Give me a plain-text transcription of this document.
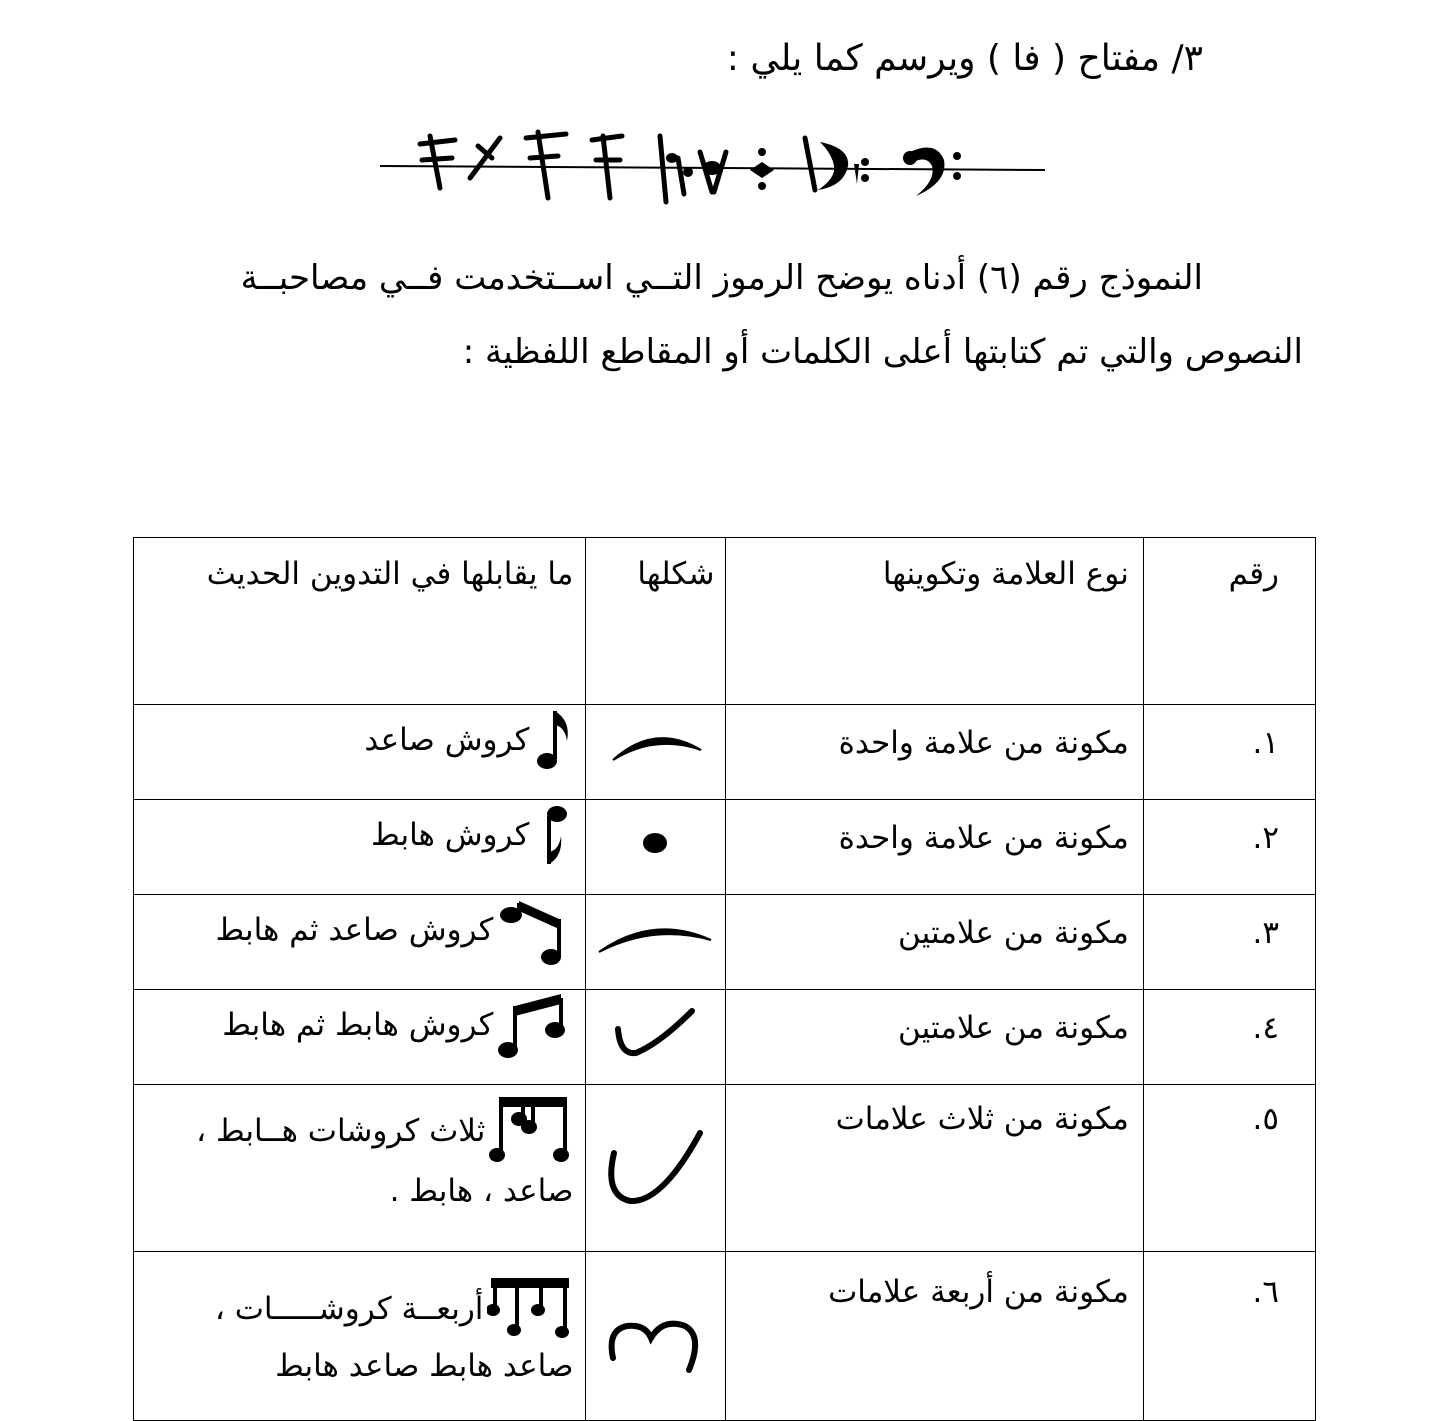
٣/ مفتاح ( فا ) ويرسم كما يلي :
النموذج رقم (٦) أدناه يوضح الرموز التــي اســتخدمت فــي مصاحبــة
النصوص والتي تم كتابتها أعلى الكلمات أو المقاطع اللفظية :
رقم	نوع العلامة وتكوينها	شكلها	ما يقابلها في التدوين الحديث
١.	مكونة من علامة واحدة		كروش صاعد

٢.	مكونة من علامة واحدة		كروش هابط

٣.	مكونة من علامتين		كروش صاعد ثم هابط

٤.	مكونة من علامتين		كروش هابط ثم هابط

٥.	مكونة من ثلاث علامات		ثلاث كروشات هــابط ،
صاعد ، هابط .

٦.	مكونة من أربعة علامات		أربعــة كروشـــــات ،
صاعد هابط صاعد هابط
